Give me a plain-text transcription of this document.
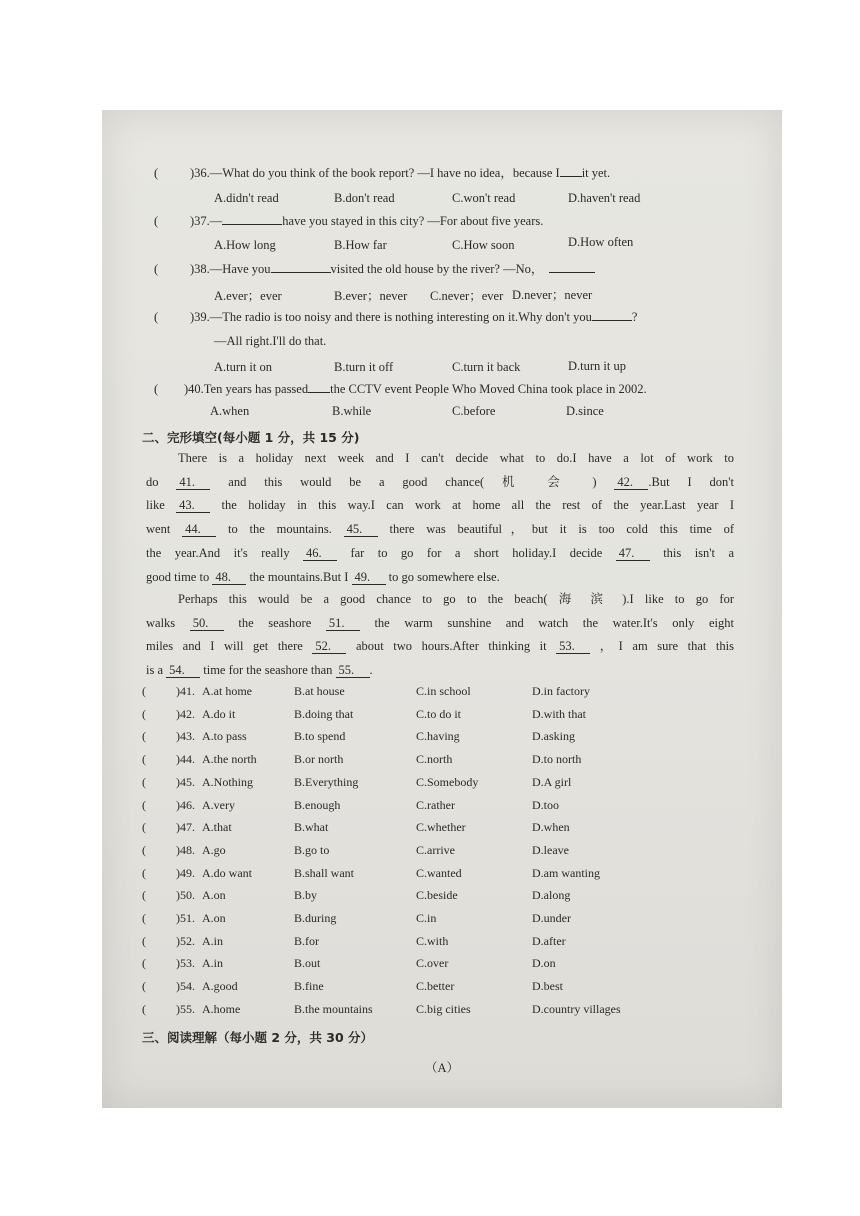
(	)36.—What do you think of the book report? —I have no idea，because I it yet.
A.didn't read	B.don't read	C.won't read	D.haven't read
(	)37.—	have you stayed in this city? —For about five years.
A.How long	B.How far	C.How soon	D.How often
(	)38.—Have you	visited the old house by the river? —No，
A.ever；ever	B.ever；never C.never；ever D.never；never
(	)39.—The radio is too noisy and there is nothing interesting on it.Why don't you	?
—All right.I'll do that.
A.turn it on	B.turn it off	C.turn it back	D.turn it up
( )40.Ten years has passed the CCTV event People Who Moved China took place in 2002.
A.when	B.while	C.before	D.since
二、完形填空(每小题 1 分，共 15 分)
There is a holiday next week and I can't decide what to do.I have a lot of work to
do 41.	and this would be a good chance( 机 会 ) 42. .But I don't
like 43. the holiday in this way.I can work at home all the rest of the year.Last year I
went 44. to the mountains. 45. there was beautiful，but it is too cold this time of
the year.And it's really 46. far to go for a short holiday.I decide 47. this isn't a
good time to 48. the mountains.But I 49. to go somewhere else.
Perhaps this would be a good chance to go to the beach( 海 滨 ).I like to go for
walks 50. the seashore 51. the warm sunshine and watch the water.It's only eight
miles and I will get there 52. about two hours.After thinking it 53. ，I am sure that this
is a 54. time for the seashore than 55. .
(	)41. A.at home	B.at house	C.in school	D.in factory
(	)42. A.do it	B.doing that	C.to do it	D.with that
(	)43. A.to pass	B.to spend	C.having	D.asking
(	)44. A.the north	B.or north	C.north	D.to north
(	)45. A.Nothing	B.Everything	C.Somebody	D.A girl
(	)46. A.very	B.enough	C.rather	D.too
(	)47. A.that	B.what	C.whether	D.when
(	)48. A.go	B.go to	C.arrive	D.leave
(	)49. A.do want	B.shall want	C.wanted	D.am wanting
(	)50. A.on	B.by	C.beside	D.along
(	)51. A.on	B.during	C.in	D.under
(	)52. A.in	B.for	C.with	D.after
(	)53. A.in	B.out	C.over	D.on
(	)54. A.good	B.fine	C.better	D.best
(	)55. A.home	B.the mountains	C.big cities	D.country villages
三、阅读理解（每小题 2 分，共 30 分）
（A）
